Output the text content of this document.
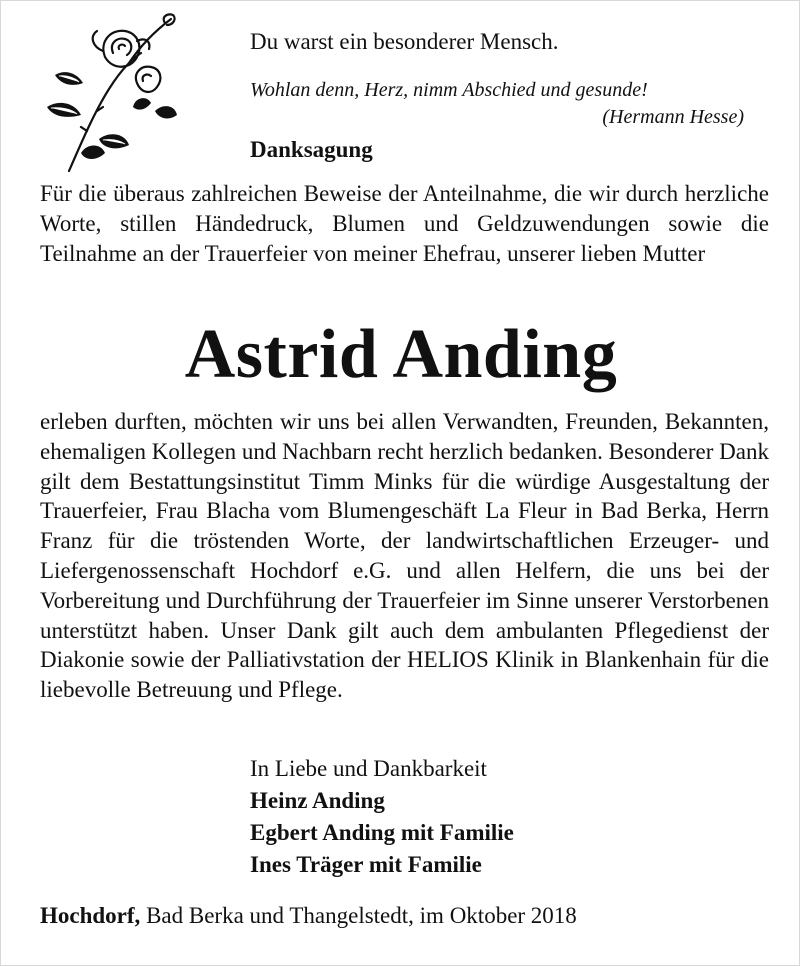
Du warst ein besonderer Mensch.
Wohlan denn, Herz, nimm Abschied und gesunde!
(Hermann Hesse)
Danksagung
Für die überaus zahlreichen Beweise der Anteilnahme, die wir durch herzliche Worte, stillen Händedruck, Blumen und Geldzuwendungen sowie die Teilnahme an der Trauerfeier von meiner Ehefrau, unserer lieben Mutter
Astrid Anding
erleben durften, möchten wir uns bei allen Verwandten, Freunden, Bekannten, ehemaligen Kollegen und Nachbarn recht herzlich bedanken. Besonderer Dank gilt dem Bestattungsinstitut Timm Minks für die würdige Ausgestaltung der Trauerfeier, Frau Blacha vom Blumengeschäft La Fleur in Bad Berka, Herrn Franz für die tröstenden Worte, der landwirtschaftlichen Erzeuger- und Liefergenossenschaft Hochdorf e.G. und allen Helfern, die uns bei der Vorbereitung und Durchführung der Trauerfeier im Sinne unserer Verstorbenen unterstützt haben. Unser Dank gilt auch dem ambulanten Pflegedienst der Diakonie sowie der Palliativstation der HELIOS Klinik in Blankenhain für die liebevolle Betreuung und Pflege.
In Liebe und Dankbarkeit
Heinz Anding
Egbert Anding mit Familie
Ines Träger mit Familie
Hochdorf, Bad Berka und Thangelstedt, im Oktober 2018
